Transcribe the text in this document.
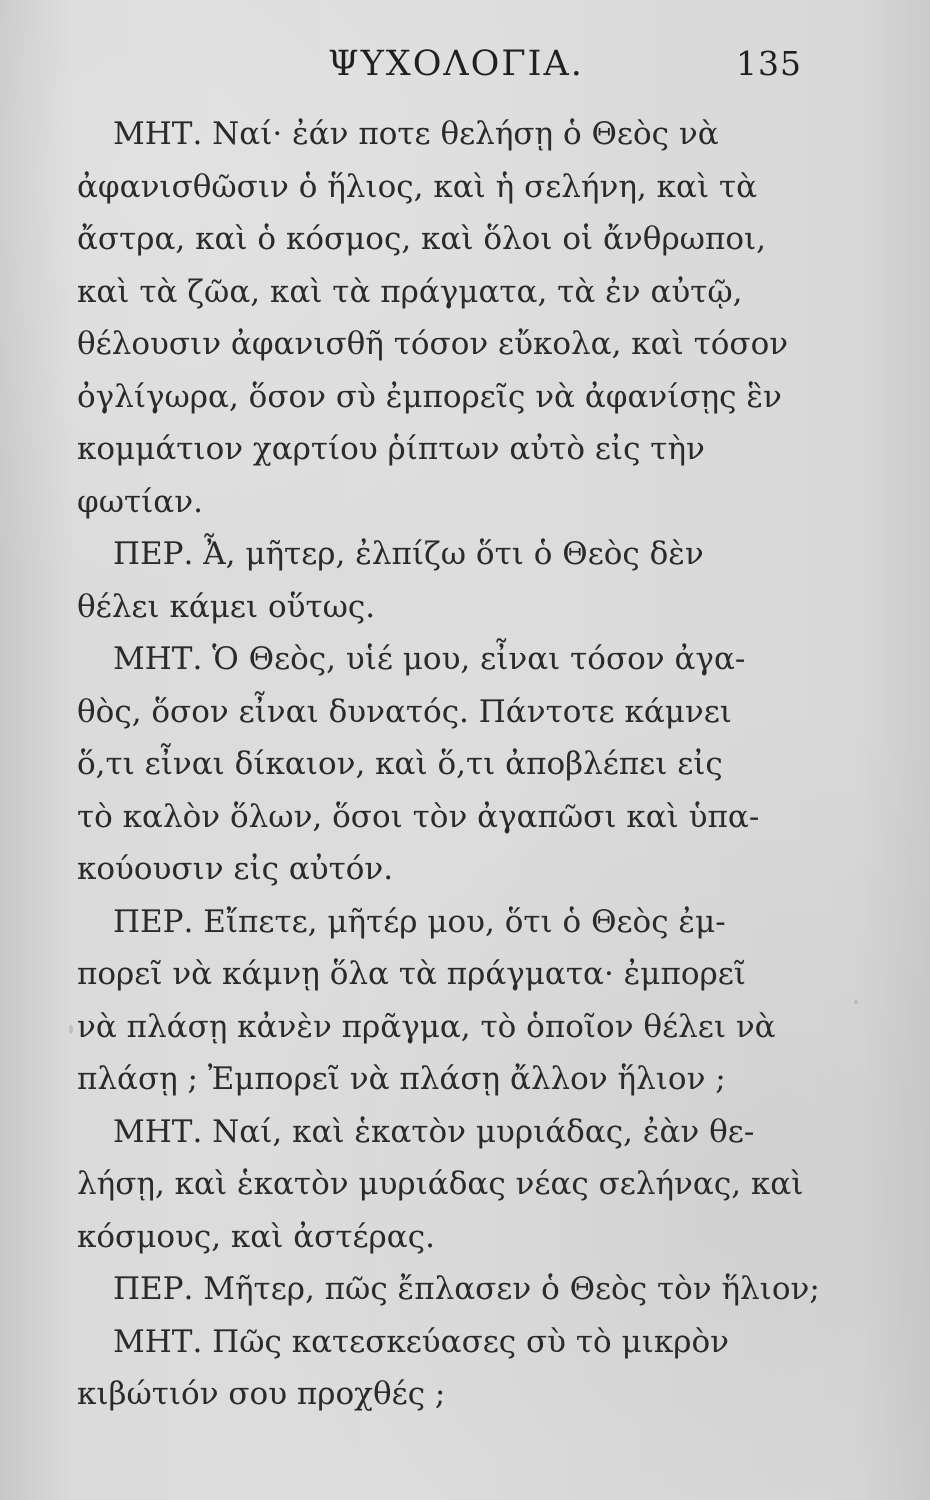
ΨΥΧΟΛΟΓΙΑ.	135
ΜΗΤ. Ναί· ἐάν ποτε θελήσῃ ὁ Θεὸς νὰ
ἀφανισθῶσιν ὁ ἥλιος, καὶ ἡ σελήνη, καὶ τὰ
ἄστρα, καὶ ὁ κόσμος, καὶ ὅλοι οἱ ἄνθρωποι,
καὶ τὰ ζῶα, καὶ τὰ πράγματα, τὰ ἐν αὐτῷ,
θέλουσιν ἀφανισθῆ τόσον εὔκολα, καὶ τόσον
ὀγλίγωρα, ὅσον σὺ ἐμπορεῖς νὰ ἀφανίσῃς ἓν
κομμάτιον χαρτίου ῥίπτων αὐτὸ εἰς τὴν
φωτίαν.
ΠΕΡ. Ἆ, μῆτερ, ἐλπίζω ὅτι ὁ Θεὸς δὲν
θέλει κάμει οὕτως.
ΜΗΤ. Ὁ Θεὸς, υἱέ μου, εἶναι τόσον ἀγα-
θὸς, ὅσον εἶναι δυνατός. Πάντοτε κάμνει
ὅ,τι εἶναι δίκαιον, καὶ ὅ,τι ἀποβλέπει εἰς
τὸ καλὸν ὅλων, ὅσοι τὸν ἀγαπῶσι καὶ ὑπα-
κούουσιν εἰς αὐτόν.
ΠΕΡ. Εἴπετε, μῆτέρ μου, ὅτι ὁ Θεὸς ἐμ-
πορεῖ νὰ κάμνῃ ὅλα τὰ πράγματα· ἐμπορεῖ
νὰ πλάσῃ κἀνὲν πρᾶγμα, τὸ ὁποῖον θέλει νὰ
πλάσῃ ; Ἐμπορεῖ νὰ πλάσῃ ἄλλον ἥλιον ;
ΜΗΤ. Ναί, καὶ ἑκατὸν μυριάδας, ἐὰν θε-
λήσῃ, καὶ ἑκατὸν μυριάδας νέας σελήνας, καὶ
κόσμους, καὶ ἀστέρας.
ΠΕΡ. Μῆτερ, πῶς ἔπλασεν ὁ Θεὸς τὸν ἥλιον;
ΜΗΤ. Πῶς κατεσκεύασες σὺ τὸ μικρὸν
κιβώτιόν σου προχθές ;
